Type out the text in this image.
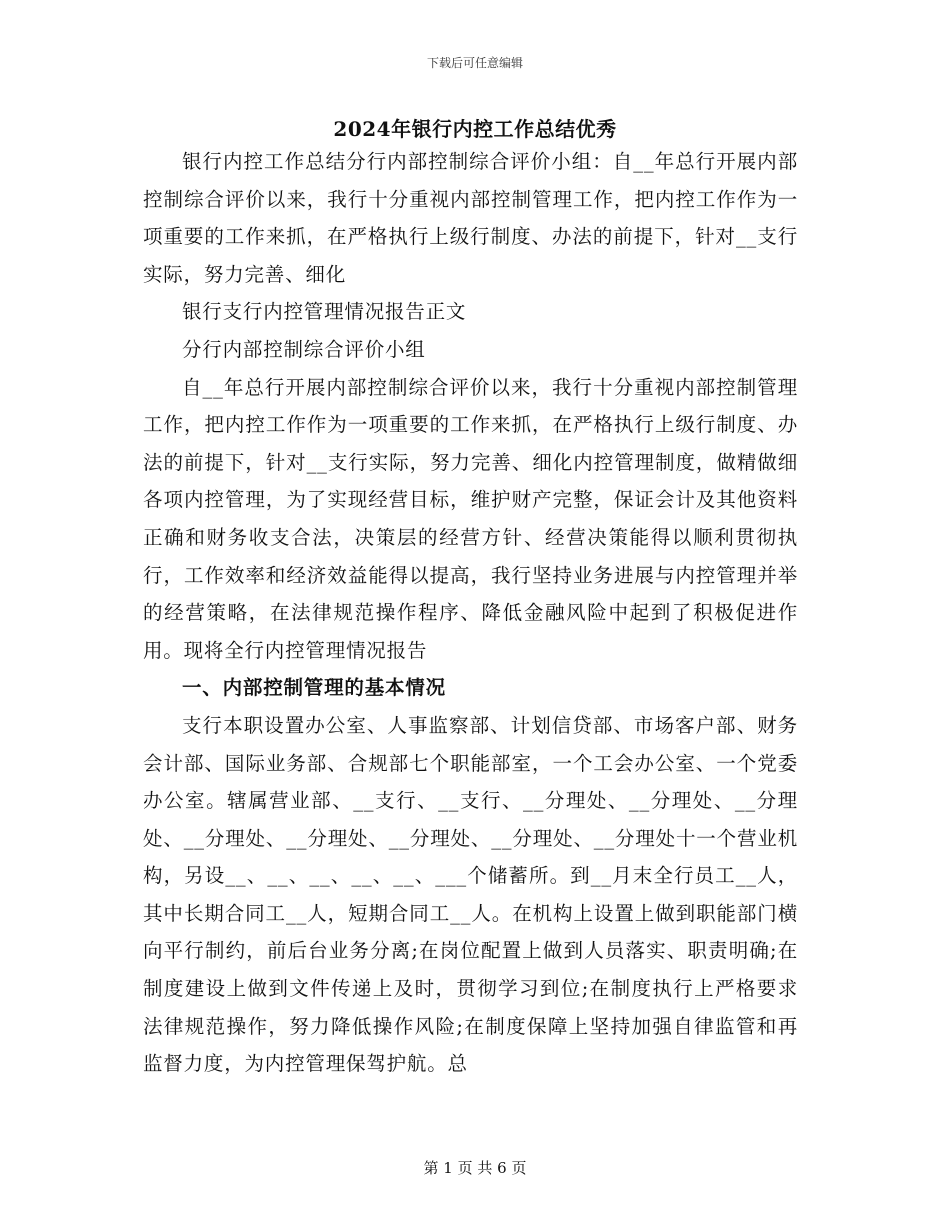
下载后可任意编辑
2024年银行内控工作总结优秀

银行内控工作总结分行内部控制综合评价小组：自__年总行开展内部控制综合评价以来，我行十分重视内部控制管理工作，把内控工作作为一项重要的工作来抓，在严格执行上级行制度、办法的前提下，针对__支行实际，努力完善、细化

银行支行内控管理情况报告正文

分行内部控制综合评价小组

自__年总行开展内部控制综合评价以来，我行十分重视内部控制管理工作，把内控工作作为一项重要的工作来抓，在严格执行上级行制度、办法的前提下，针对__支行实际，努力完善、细化内控管理制度，做精做细各项内控管理，为了实现经营目标，维护财产完整，保证会计及其他资料正确和财务收支合法，决策层的经营方针、经营决策能得以顺利贯彻执行，工作效率和经济效益能得以提高，我行坚持业务进展与内控管理并举的经营策略，在法律规范操作程序、降低金融风险中起到了积极促进作用。现将全行内控管理情况报告

一、内部控制管理的基本情况

支行本职设置办公室、人事监察部、计划信贷部、市场客户部、财务会计部、国际业务部、合规部七个职能部室，一个工会办公室、一个党委办公室。辖属营业部、__支行、__支行、__分理处、__分理处、__分理处、__分理处、__分理处、__分理处、__分理处、__分理处十一个营业机构，另设__、__、__、__、__、___个储蓄所。到__月末全行员工__人，其中长期合同工__人，短期合同工__人。在机构上设置上做到职能部门横向平行制约，前后台业务分离;在岗位配置上做到人员落实、职责明确;在制度建设上做到文件传递上及时，贯彻学习到位;在制度执行上严格要求法律规范操作，努力降低操作风险;在制度保障上坚持加强自律监管和再监督力度，为内控管理保驾护航。总

第 1 页 共 6 页
